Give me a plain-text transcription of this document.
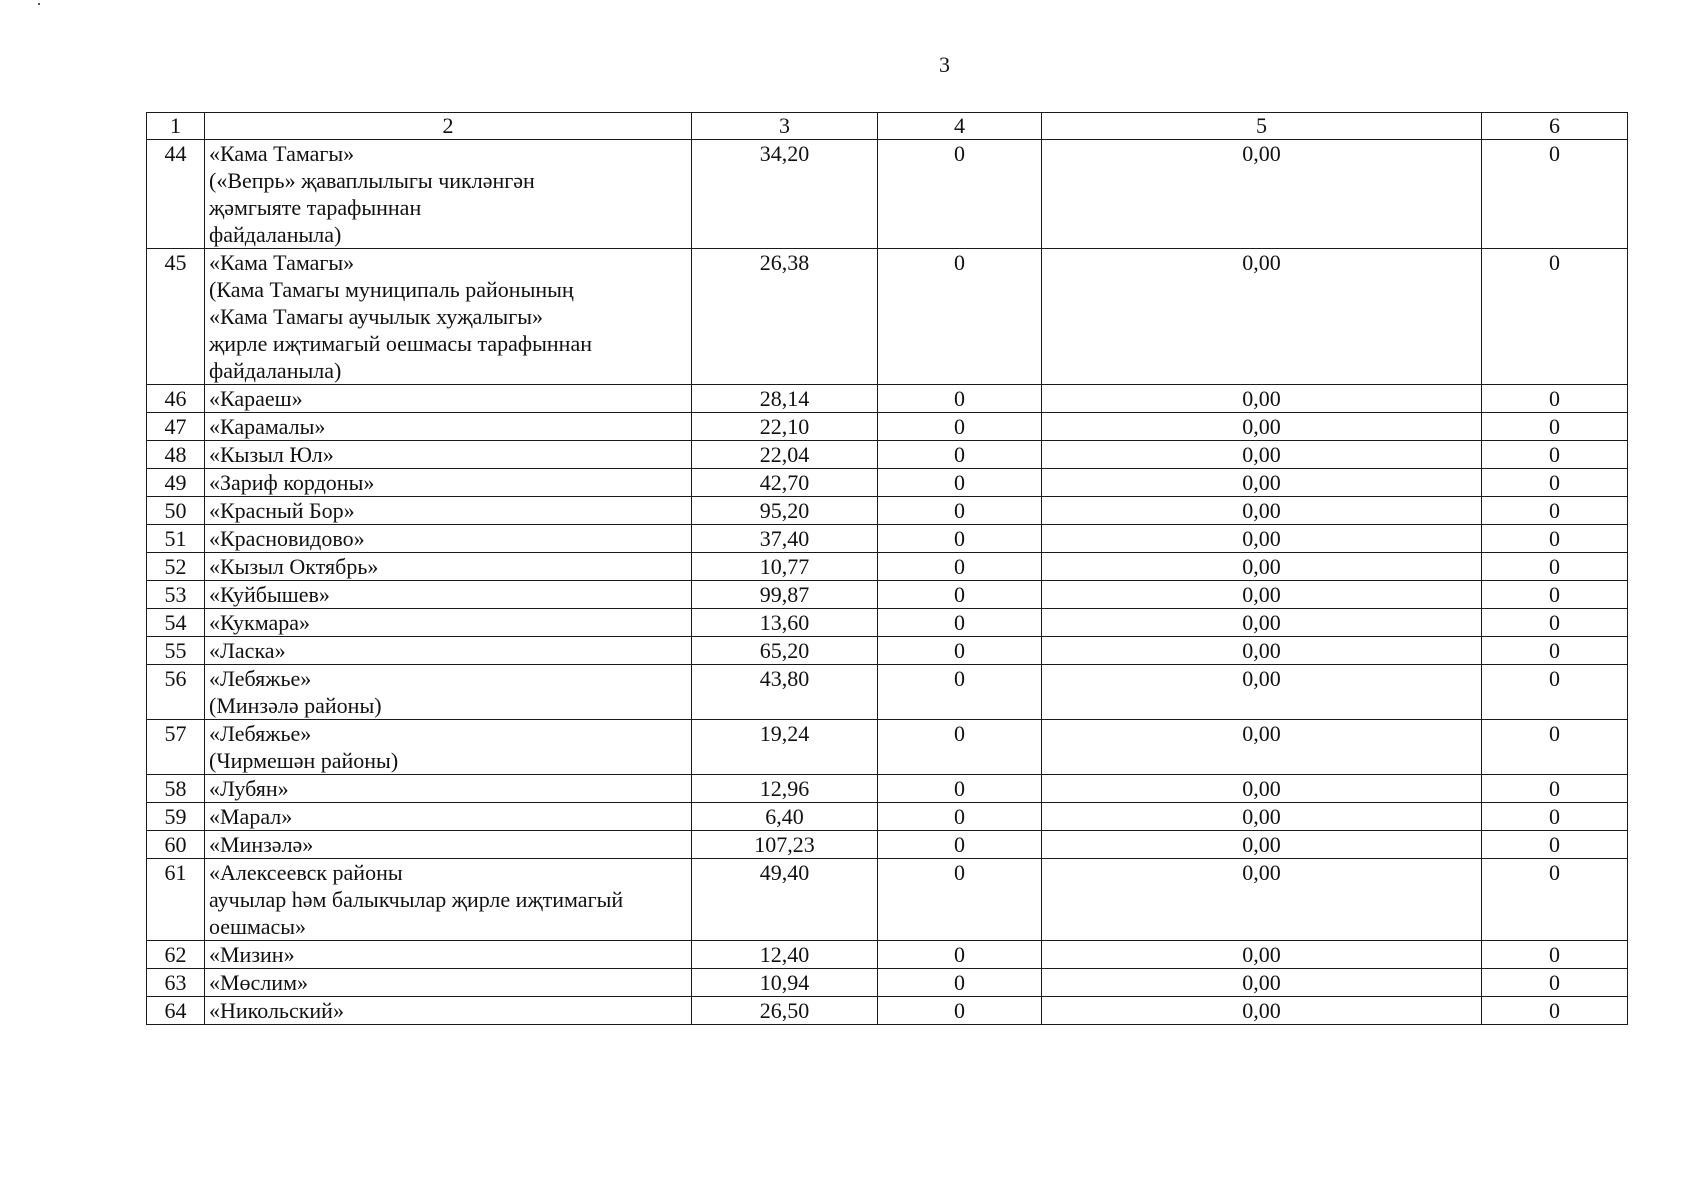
3
1	2	3	4	5	6
44	«Кама Тамагы»
(«Вепрь» җаваплылыгы чикләнгән
җәмгыяте тарафыннан
файдаланыла)	34,20	0	0,00	0
45	«Кама Тамагы»
(Кама Тамагы муниципаль районының
«Кама Тамагы аучылык хуҗалыгы»
җирле иҗтимагый оешмасы тарафыннан
файдаланыла)	26,38	0	0,00	0
46	«Караеш»	28,14	0	0,00	0
47	«Карамалы»	22,10	0	0,00	0
48	«Кызыл Юл»	22,04	0	0,00	0
49	«Зариф кордоны»	42,70	0	0,00	0
50	«Красный Бор»	95,20	0	0,00	0
51	«Красновидово»	37,40	0	0,00	0
52	«Кызыл Октябрь»	10,77	0	0,00	0
53	«Куйбышев»	99,87	0	0,00	0
54	«Кукмара»	13,60	0	0,00	0
55	«Ласка»	65,20	0	0,00	0
56	«Лебяжье»
(Минзәлә районы)	43,80	0	0,00	0
57	«Лебяжье»
(Чирмешән районы)	19,24	0	0,00	0
58	«Лубян»	12,96	0	0,00	0
59	«Марал»	6,40	0	0,00	0
60	«Минзәлә»	107,23	0	0,00	0
61	«Алексеевск районы
аучылар һәм балыкчылар җирле иҗтимагый
оешмасы»	49,40	0	0,00	0
62	«Мизин»	12,40	0	0,00	0
63	«Мөслим»	10,94	0	0,00	0
64	«Никольский»	26,50	0	0,00	0
